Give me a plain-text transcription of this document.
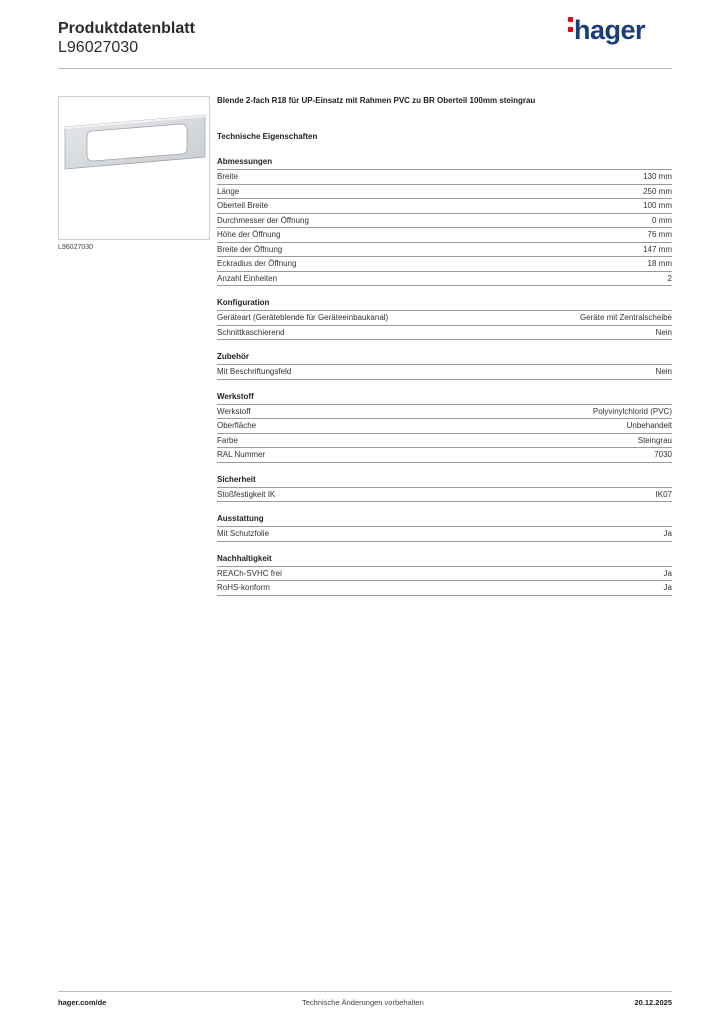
Produktdatenblatt
L96027030
hager
L96027030
Blende 2-fach R18 für UP-Einsatz mit Rahmen PVC zu BR Oberteil 100mm steingrau
Technische Eigenschaften
Abmessungen
Breite	130 mm
Länge	250 mm
Oberteil Breite	100 mm
Durchmesser der Öffnung	0 mm
Höhe der Öffnung	76 mm
Breite der Öffnung	147 mm
Eckradius der Öffnung	18 mm
Anzahl Einheiten	2
Konfiguration
Geräteart (Geräteblende für Geräteeinbaukanal)	Geräte mit Zentralscheibe
Schnittkaschierend	Nein
Zubehör
Mit Beschriftungsfeld	Nein
Werkstoff
Werkstoff	Polyvinylchlorid (PVC)
Oberfläche	Unbehandelt
Farbe	Steingrau
RAL Nummer	7030
Sicherheit
Stoßfestigkeit IK	IK07
Ausstattung
Mit Schutzfolie	Ja
Nachhaltigkeit
REACh-SVHC frei	Ja
RoHS-konform	Ja
hager.com/de	Technische Änderungen vorbehalten	20.12.2025
